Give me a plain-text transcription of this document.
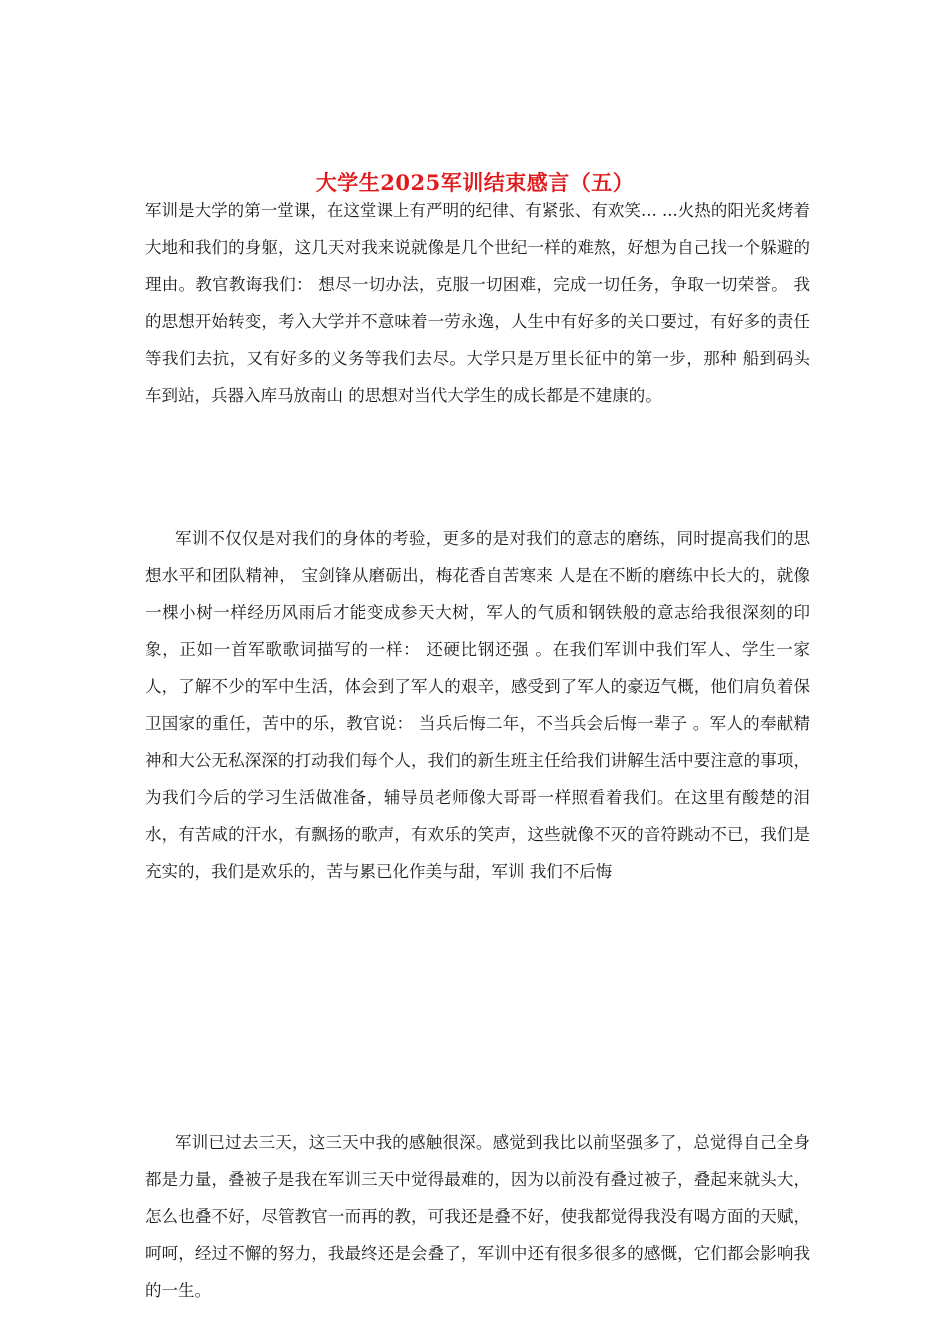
大学生2025军训结束感言（五）

军训是大学的第一堂课，在这堂课上有严明的纪律、有紧张、有欢笑... ...火热的阳光炙烤着大地和我们的身躯，这几天对我来说就像是几个世纪一样的难熬，好想为自己找一个躲避的理由。教官教诲我们： 想尽一切办法，克服一切困难，完成一切任务，争取一切荣誉。 我的思想开始转变，考入大学并不意味着一劳永逸，人生中有好多的关口要过，有好多的责任等我们去抗，又有好多的义务等我们去尽。大学只是万里长征中的第一步，那种 船到码头车到站，兵器入库马放南山 的思想对当代大学生的成长都是不建康的。

军训不仅仅是对我们的身体的考验，更多的是对我们的意志的磨练，同时提高我们的思想水平和团队精神， 宝剑锋从磨砺出，梅花香自苦寒来 人是在不断的磨练中长大的，就像一棵小树一样经历风雨后才能变成参天大树，军人的气质和钢铁般的意志给我很深刻的印象，正如一首军歌歌词描写的一样： 还硬比钢还强 。在我们军训中我们军人、学生一家人，了解不少的军中生活，体会到了军人的艰辛，感受到了军人的豪迈气概，他们肩负着保卫国家的重任，苦中的乐，教官说： 当兵后悔二年，不当兵会后悔一辈子 。军人的奉献精神和大公无私深深的打动我们每个人，我们的新生班主任给我们讲解生活中要注意的事项，为我们今后的学习生活做准备，辅导员老师像大哥哥一样照看着我们。在这里有酸楚的泪水，有苦咸的汗水，有飘扬的歌声，有欢乐的笑声，这些就像不灭的音符跳动不已，我们是充实的，我们是欢乐的，苦与累已化作美与甜，军训 我们不后悔

军训已过去三天，这三天中我的感触很深。感觉到我比以前坚强多了，总觉得自己全身都是力量，叠被子是我在军训三天中觉得最难的，因为以前没有叠过被子，叠起来就头大，怎么也叠不好，尽管教官一而再的教，可我还是叠不好，使我都觉得我没有喝方面的天赋，呵呵，经过不懈的努力，我最终还是会叠了，军训中还有很多很多的感慨，它们都会影响我的一生。
